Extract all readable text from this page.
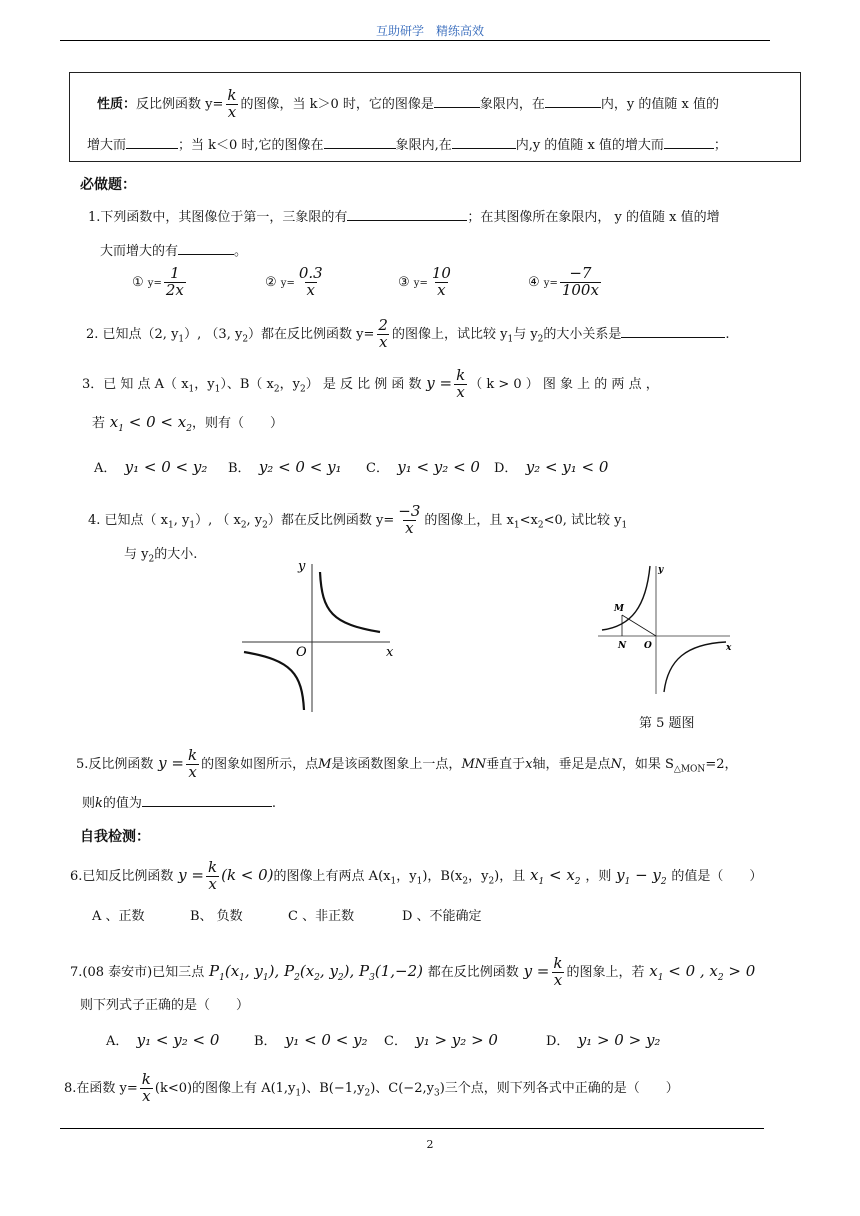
互助研学　精练高效
性质：反比例函数 $y= \frac{k}{x}$ 的图像，当 k＞0 时，它的图像是	象限内，在	内，y 的值随 x 值的
增大而	；当 k＜0 时,它的图像在	象限内,在	内,y 的值随 x 值的增大而	；
必做题：
1.下列函数中，其图像位于第一，三象限的有	；在其图像所在象限内， y 的值随 x 值的增
大而增大的有	。
① $y= \frac{1}{2x}$	② $y= \frac{0.3}{x}$	③ $y= \frac{10}{x}$	④ $y= \frac{-7}{100x}$
2. 已知点（2, $y_1$）, （3, $y_2$）都在反比例函数 $y= \frac{2}{x}$ 的图像上，试比较 $y_1$与 $y_2$的大小关系是	.
3．已 知 点 A（ $x_1$，$y_1$）、B（ $x_2$，$y_2$） 是 反 比 例 函 数 $y = \frac{k}{x}$ （ k > 0 ） 图 象 上 的 两 点 ，
若 $x_1 < 0 < x_2$，则有（　　）
A． y₁ < 0 < y₂ B． y₂ < 0 < y₁ C． y₁ < y₂ < 0 D． y₂ < y₁ < 0
4. 已知点（ $x_1$, $y_1$）, （ $x_2$, $y_2$）都在反比例函数 $y= \frac{-3}{x}$ 的图像上，且 $x_1<x_2<0$, 试比较 $y_1$
与 $y_2$的大小.
y
O	x
y
M
N O	x
第 5 题图
5.反比例函数 $y = \frac{k}{x}$ 的图象如图所示，点M是该函数图象上一点，MN垂直于x轴，垂足是点N，如果 $S_{\triangle MON}=2$，
则k的值为	.
自我检测：
6.已知反比例函数 $y = \frac{k}{x} (k < 0)$的图像上有两点 $A(x_1$，$y_1$)，$B(x_2$，$y_2$)，且 $x_1 < x_2$ ，则 $y_1 - y_2$ 的值是（　　）
A 、正数	B、 负数	C 、非正数	D 、不能确定
7.(08 泰安市)已知三点 $P_1(x_1$, $y_1$), $P_2(x_2$, $y_2$), $P_3(1,-2)$ 都在反比例函数 $y = \frac{k}{x}$ 的图象上，若 $x_1 < 0$ , $x_2 > 0$
则下列式子正确的是（　　）
A． y₁ < y₂ < 0	B． y₁ < 0 < y₂ C． y₁ > y₂ > 0	D． y₁ > 0 > y₂
8.在函数 $y= \frac{k}{x} (k<0)$的图像上有 $A(1,y_1)$、$B(-1,y_2)$、$C(-2,y_3)$三个点，则下列各式中正确的是（　　）
2
